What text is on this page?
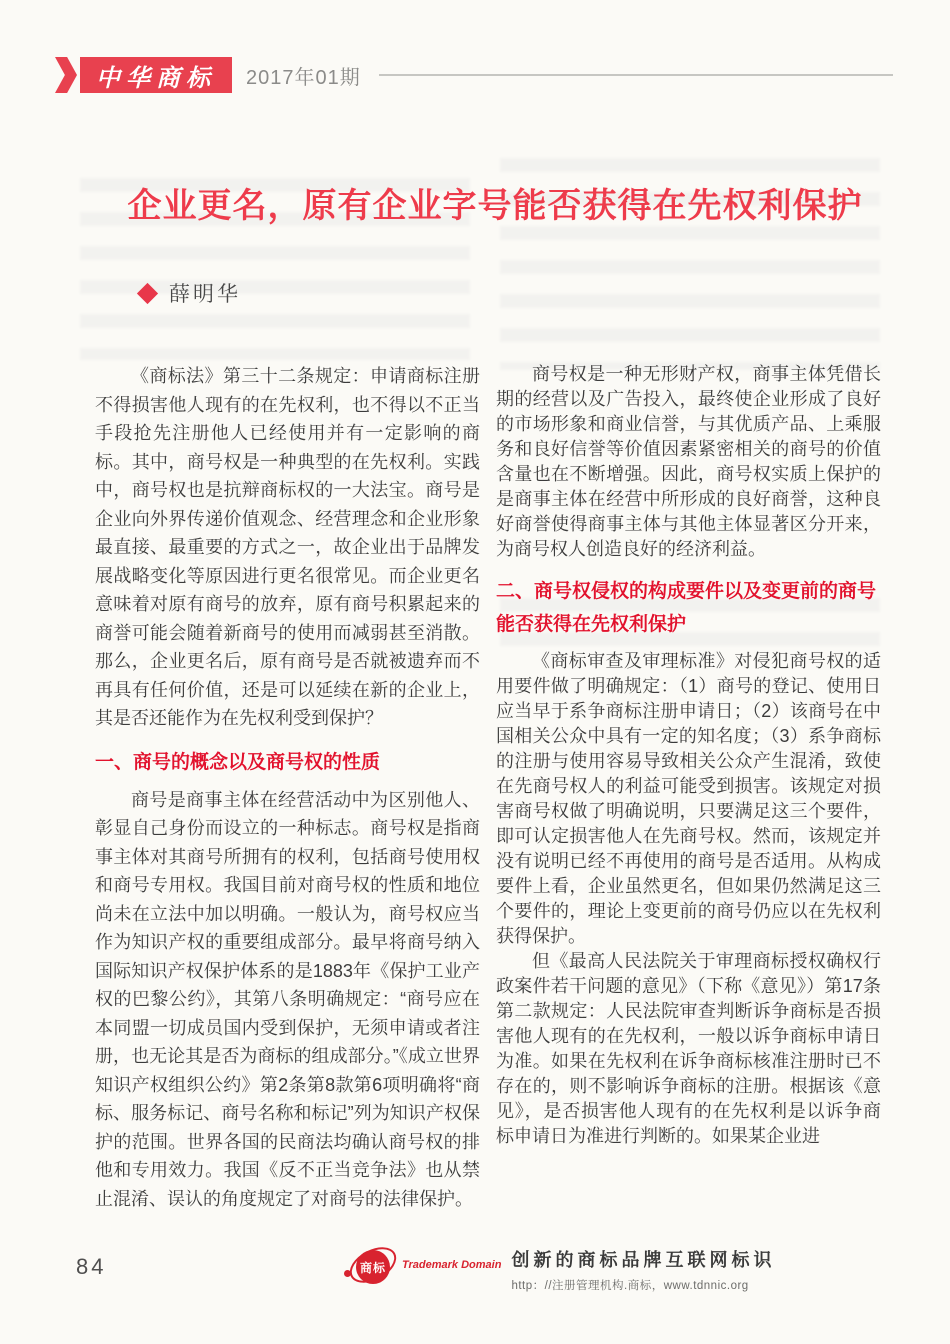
中华商标 2017年01期
企业更名，原有企业字号能否获得在先权利保护
薛明华

《商标法》第三十二条规定：申请商标注册不得损害他人现有的在先权利，也不得以不正当手段抢先注册他人已经使用并有一定影响的商标。其中，商号权是一种典型的在先权利。实践中，商号权也是抗辩商标权的一大法宝。商号是企业向外界传递价值观念、经营理念和企业形象最直接、最重要的方式之一，故企业出于品牌发展战略变化等原因进行更名很常见。而企业更名意味着对原有商号的放弃，原有商号积累起来的商誉可能会随着新商号的使用而减弱甚至消散。那么，企业更名后，原有商号是否就被遗弃而不再具有任何价值，还是可以延续在新的企业上，其是否还能作为在先权利受到保护？

一、商号的概念以及商号权的性质

商号是商事主体在经营活动中为区别他人、彰显自己身份而设立的一种标志。商号权是指商事主体对其商号所拥有的权利，包括商号使用权和商号专用权。我国目前对商号权的性质和地位尚未在立法中加以明确。一般认为，商号权应当作为知识产权的重要组成部分。最早将商号纳入国际知识产权保护体系的是1883年《保护工业产权的巴黎公约》，其第八条明确规定：“商号应在本同盟一切成员国内受到保护，无须申请或者注册，也无论其是否为商标的组成部分。”《成立世界知识产权组织公约》第2条第8款第6项明确将“商标、服务标记、商号名称和标记”列为知识产权保护的范围。世界各国的民商法均确认商号权的排他和专用效力。我国《反不正当竞争法》也从禁止混淆、误认的角度规定了对商号的法律保护。

商号权是一种无形财产权，商事主体凭借长期的经营以及广告投入，最终使企业形成了良好的市场形象和商业信誉，与其优质产品、上乘服务和良好信誉等价值因素紧密相关的商号的价值含量也在不断增强。因此，商号权实质上保护的是商事主体在经营中所形成的良好商誉，这种良好商誉使得商事主体与其他主体显著区分开来，为商号权人创造良好的经济利益。

二、商号权侵权的构成要件以及变更前的商号能否获得在先权利保护

《商标审查及审理标准》对侵犯商号权的适用要件做了明确规定：（1）商号的登记、使用日应当早于系争商标注册申请日；（2）该商号在中国相关公众中具有一定的知名度；（3）系争商标的注册与使用容易导致相关公众产生混淆，致使在先商号权人的利益可能受到损害。该规定对损害商号权做了明确说明，只要满足这三个要件，即可认定损害他人在先商号权。然而，该规定并没有说明已经不再使用的商号是否适用。从构成要件上看，企业虽然更名，但如果仍然满足这三个要件的，理论上变更前的商号仍应以在先权利获得保护。

但《最高人民法院关于审理商标授权确权行政案件若干问题的意见》（下称《意见》）第17条第二款规定：人民法院审查判断诉争商标是否损害他人现有的在先权利，一般以诉争商标申请日为准。如果在先权利在诉争商标核准注册时已不存在的，则不影响诉争商标的注册。根据该《意见》，是否损害他人现有的在先权利是以诉争商标申请日为准进行判断的。如果某企业进

84	商标	Trademark Domain 创新的商标品牌互联网标识
http：//注册管理机构.商标，www.tdnnic.org
